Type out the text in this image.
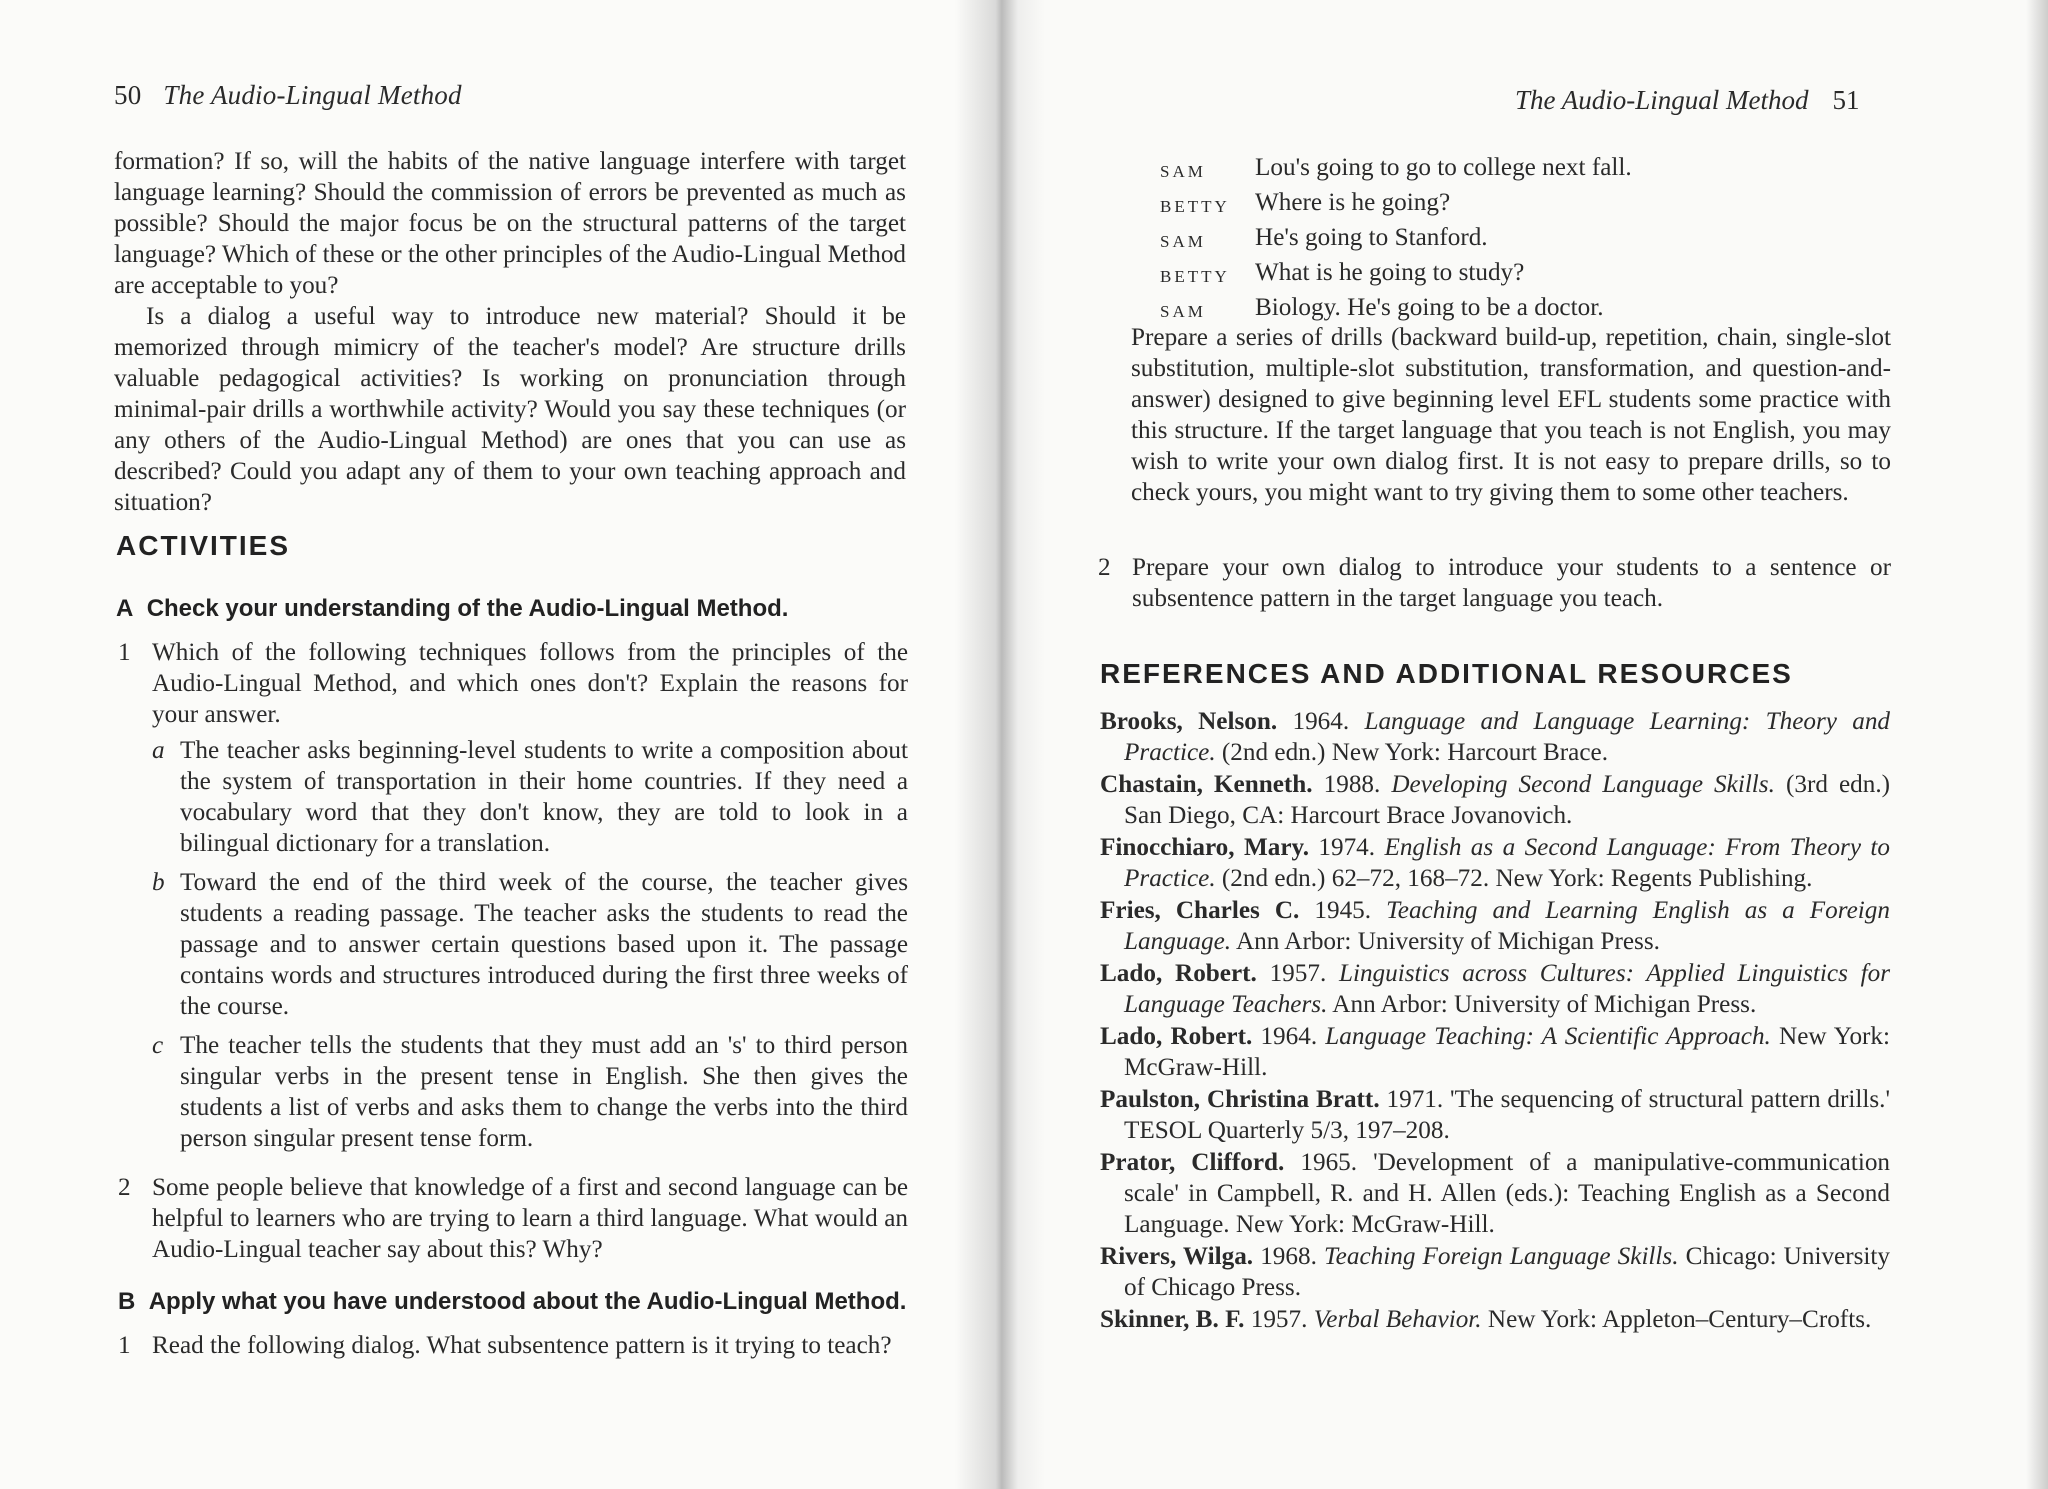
50 The Audio-Lingual Method

formation? If so, will the habits of the native language interfere with target language learning? Should the commission of errors be prevented as much as possible? Should the major focus be on the structural patterns of the target language? Which of these or the other principles of the Audio-Lingual Method are acceptable to you?

Is a dialog a useful way to introduce new material? Should it be memorized through mimicry of the teacher's model? Are structure drills valuable pedagogical activities? Is working on pronunciation through minimal-pair drills a worthwhile activity? Would you say these techniques (or any others of the Audio-Lingual Method) are ones that you can use as described? Could you adapt any of them to your own teaching approach and situation?

ACTIVITIES
A Check your understanding of the Audio-Lingual Method.
1 Which of the following techniques follows from the principles of the Audio-Lingual Method, and which ones don't? Explain the reasons for your answer.
a The teacher asks beginning-level students to write a composition about the system of transportation in their home countries. If they need a vocabulary word that they don't know, they are told to look in a bilingual dictionary for a translation.
b Toward the end of the third week of the course, the teacher gives students a reading passage. The teacher asks the students to read the passage and to answer certain questions based upon it. The passage contains words and structures introduced during the first three weeks of the course.
c The teacher tells the students that they must add an 's' to third person singular verbs in the present tense in English. She then gives the students a list of verbs and asks them to change the verbs into the third person singular present tense form.
2 Some people believe that knowledge of a first and second language can be helpful to learners who are trying to learn a third language. What would an Audio-Lingual teacher say about this? Why?
B Apply what you have understood about the Audio-Lingual Method.
1 Read the following dialog. What subsentence pattern is it trying to teach?
The Audio-Lingual Method 51
SAM	Lou's going to go to college next fall.
BETTY	Where is he going?
SAM	He's going to Stanford.
BETTY	What is he going to study?
SAM	Biology. He's going to be a doctor.
Prepare a series of drills (backward build-up, repetition, chain, single-slot substitution, multiple-slot substitution, transformation, and question-and-answer) designed to give beginning level EFL students some practice with this structure. If the target language that you teach is not English, you may wish to write your own dialog first. It is not easy to prepare drills, so to check yours, you might want to try giving them to some other teachers.
2 Prepare your own dialog to introduce your students to a sentence or subsentence pattern in the target language you teach.
REFERENCES AND ADDITIONAL RESOURCES

Brooks, Nelson. 1964. Language and Language Learning: Theory and Practice. (2nd edn.) New York: Harcourt Brace.

Chastain, Kenneth. 1988. Developing Second Language Skills. (3rd edn.) San Diego, CA: Harcourt Brace Jovanovich.

Finocchiaro, Mary. 1974. English as a Second Language: From Theory to Practice. (2nd edn.) 62–72, 168–72. New York: Regents Publishing.

Fries, Charles C. 1945. Teaching and Learning English as a Foreign Language. Ann Arbor: University of Michigan Press.

Lado, Robert. 1957. Linguistics across Cultures: Applied Linguistics for Language Teachers. Ann Arbor: University of Michigan Press.

Lado, Robert. 1964. Language Teaching: A Scientific Approach. New York: McGraw-Hill.

Paulston, Christina Bratt. 1971. 'The sequencing of structural pattern drills.' TESOL Quarterly 5/3, 197–208.

Prator, Clifford. 1965. 'Development of a manipulative-communication scale' in Campbell, R. and H. Allen (eds.): Teaching English as a Second Language. New York: McGraw-Hill.

Rivers, Wilga. 1968. Teaching Foreign Language Skills. Chicago: University of Chicago Press.

Skinner, B. F. 1957. Verbal Behavior. New York: Appleton–Century–Crofts.
